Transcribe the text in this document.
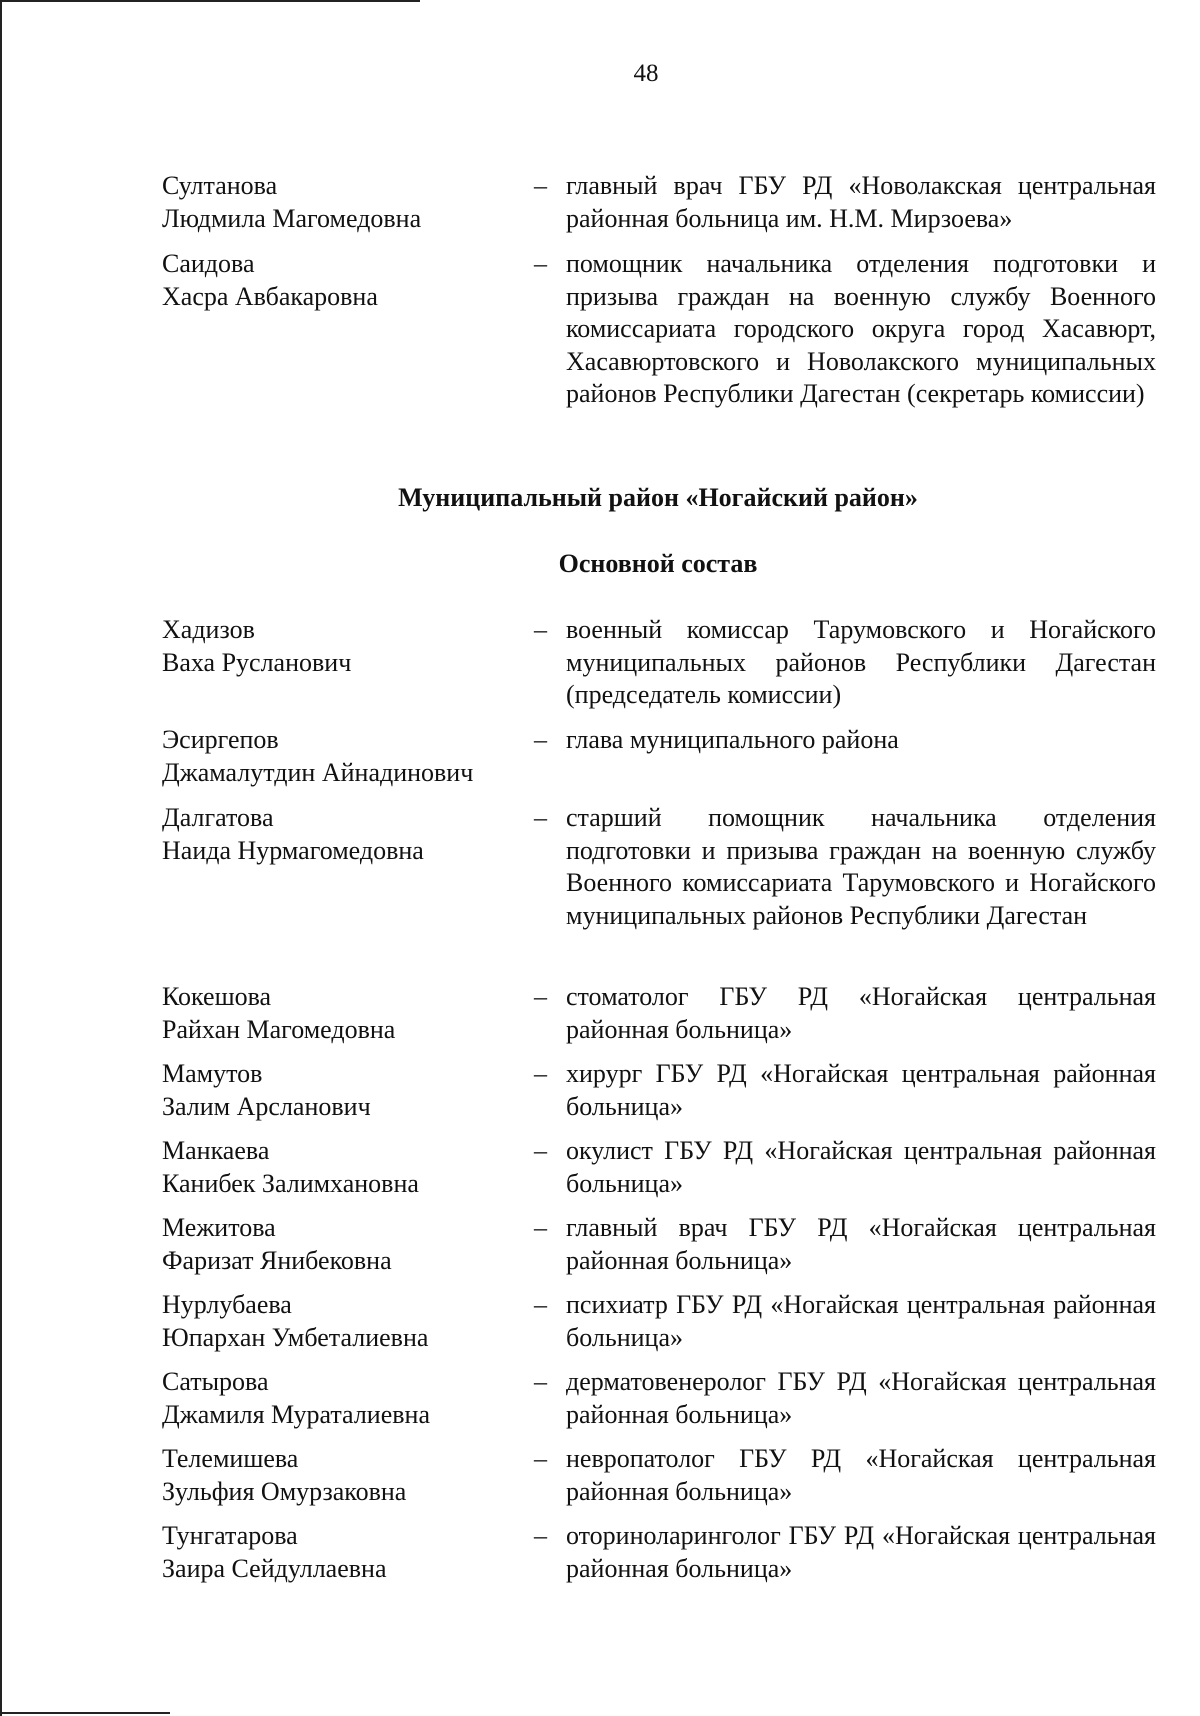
48
Султанова
Людмила Магомедовна
– главный врач ГБУ РД «Новолакская центральная районная больница им. Н.М. Мирзоева»
Саидова
Хасра Авбакаровна
– помощник начальника отделения подготовки и призыва граждан на военную службу Военного комиссариата городского округа город Хасавюрт, Хасавюртовского и Новолакского муниципальных районов Республики Дагестан (секретарь комиссии)
Муниципальный район «Ногайский район»
Основной состав
Хадизов
Ваха Русланович
– военный комиссар Тарумовского и Ногайского муниципальных районов Республики Дагестан (председатель комиссии)
Эсиргепов
Джамалутдин Айнадинович
– глава муниципального района
Далгатова
Наида Нурмагомедовна
– старший помощник начальника отделения подготовки и призыва граждан на военную службу Военного комиссариата Тарумовского и Ногайского муниципальных районов Республики Дагестан
Кокешова
Райхан Магомедовна
– стоматолог ГБУ РД «Ногайская центральная районная больница»
Мамутов
Залим Арсланович
– хирург ГБУ РД «Ногайская центральная районная больница»
Манкаева
Канибек Залимхановна
– окулист ГБУ РД «Ногайская центральная районная больница»
Межитова
Фаризат Янибековна
– главный врач ГБУ РД «Ногайская центральная районная больница»
Нурлубаева
Юпархан Умбеталиевна
– психиатр ГБУ РД «Ногайская центральная районная больница»
Сатырова
Джамиля Мураталиевна
– дерматовенеролог ГБУ РД «Ногайская центральная районная больница»
Телемишева
Зульфия Омурзаковна
– невропатолог ГБУ РД «Ногайская центральная районная больница»
Тунгатарова
Заира Сейдуллаевна
– оториноларинголог ГБУ РД «Ногайская центральная районная больница»
